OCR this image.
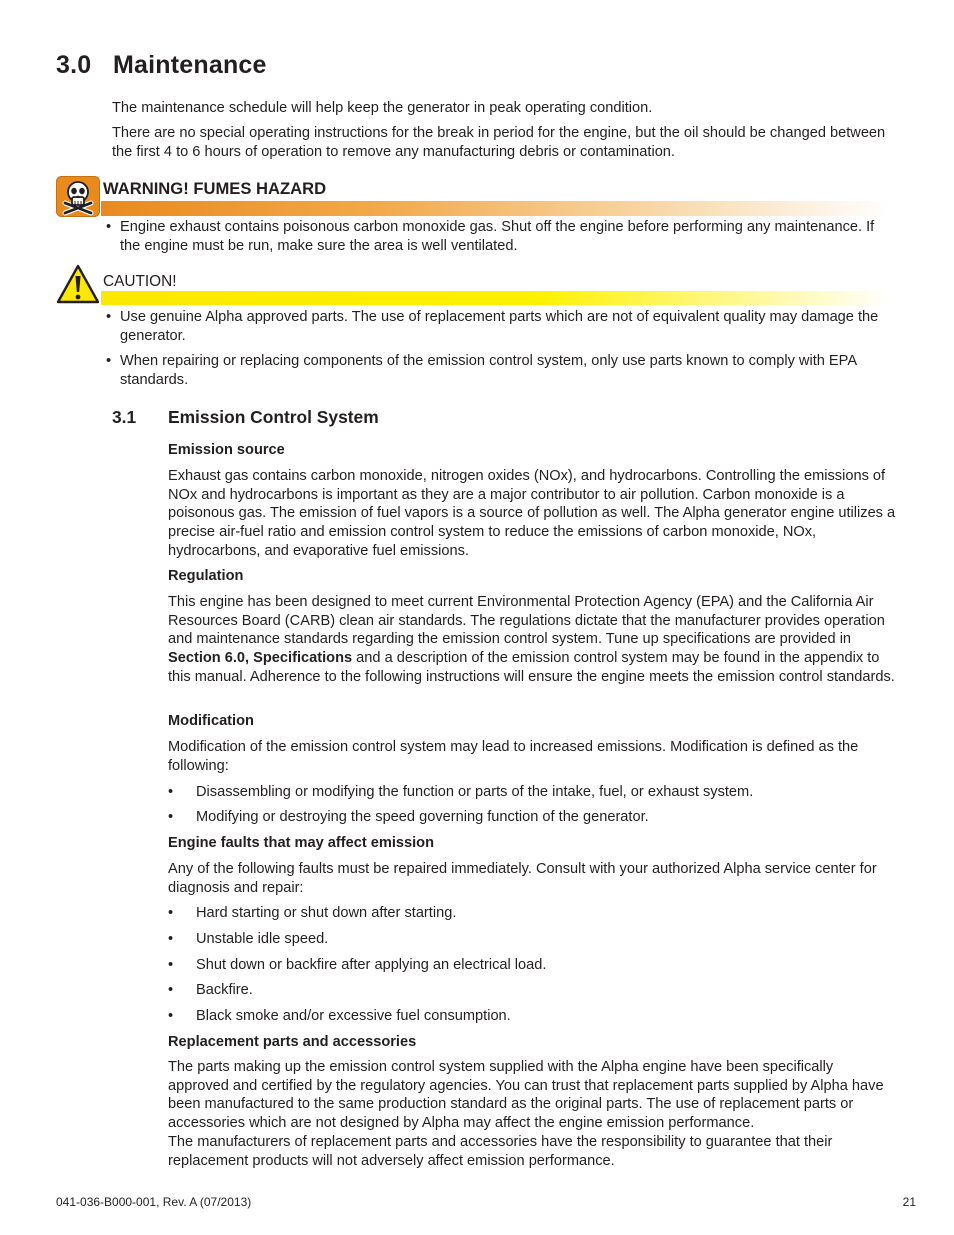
3.0 Maintenance

The maintenance schedule will help keep the generator in peak operating condition.

There are no special operating instructions for the break in period for the engine, but the oil should be changed between the first 4 to 6 hours of operation to remove any manufacturing debris or contamination.

WARNING! FUMES HAZARD
• Engine exhaust contains poisonous carbon monoxide gas. Shut off the engine before performing any maintenance. If the engine must be run, make sure the area is well ventilated.
CAUTION!
• Use genuine Alpha approved parts. The use of replacement parts which are not of equivalent quality may damage the generator.
• When repairing or replacing components of the emission control system, only use parts known to comply with EPA standards.
3.1 Emission Control System
Emission source

Exhaust gas contains carbon monoxide, nitrogen oxides (NOx), and hydrocarbons. Controlling the emissions of NOx and hydrocarbons is important as they are a major contributor to air pollution. Carbon monoxide is a poisonous gas. The emission of fuel vapors is a source of pollution as well. The Alpha generator engine utilizes a precise air-fuel ratio and emission control system to reduce the emissions of carbon monoxide, NOx, hydrocarbons, and evaporative fuel emissions.

Regulation

This engine has been designed to meet current Environmental Protection Agency (EPA) and the California Air Resources Board (CARB) clean air standards. The regulations dictate that the manufacturer provides operation and maintenance standards regarding the emission control system. Tune up specifications are provided in Section 6.0, Specifications and a description of the emission control system may be found in the appendix to this manual. Adherence to the following instructions will ensure the engine meets the emission control standards.

Modification

Modification of the emission control system may lead to increased emissions. Modification is defined as the following:

•	Disassembling or modifying the function or parts of the intake, fuel, or exhaust system.
•	Modifying or destroying the speed governing function of the generator.
Engine faults that may affect emission

Any of the following faults must be repaired immediately. Consult with your authorized Alpha service center for diagnosis and repair:

•	Hard starting or shut down after starting.
•	Unstable idle speed.
•	Shut down or backfire after applying an electrical load.
•	Backfire.
•	Black smoke and/or excessive fuel consumption.
Replacement parts and accessories

The parts making up the emission control system supplied with the Alpha engine have been specifically approved and certified by the regulatory agencies. You can trust that replacement parts supplied by Alpha have been manufactured to the same production standard as the original parts. The use of replacement parts or accessories which are not designed by Alpha may affect the engine emission performance.

The manufacturers of replacement parts and accessories have the responsibility to guarantee that their replacement products will not adversely affect emission performance.

041-036-B000-001, Rev. A (07/2013)	21
